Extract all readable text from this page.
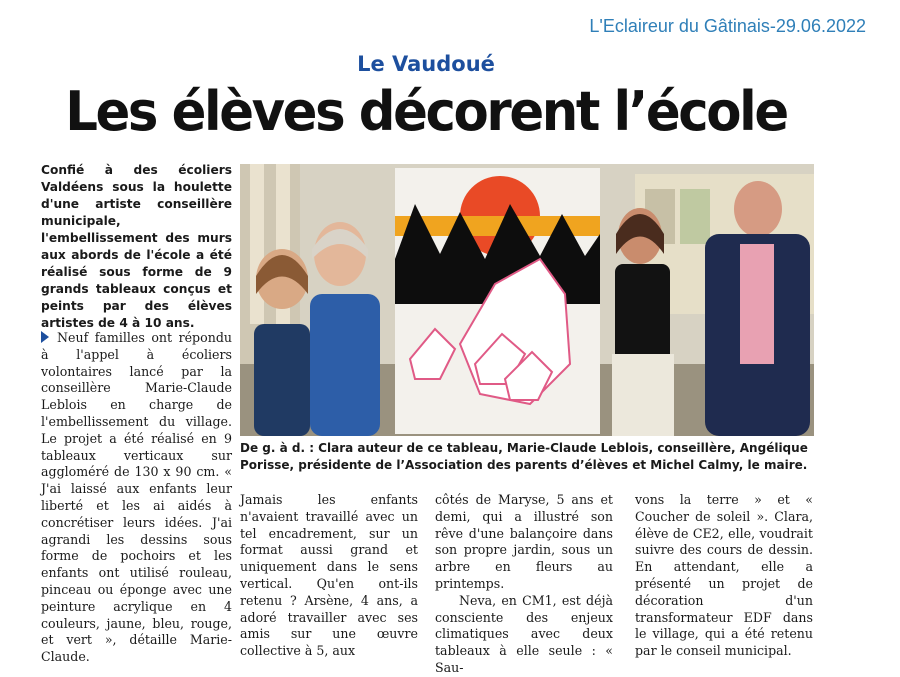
L'Eclaireur du Gâtinais-29.06.2022
Le Vaudoué
Les élèves décorent l’école

Confié à des écoliers Valdéens sous la houlette d'une artiste conseillère municipale, l'embellissement des murs aux abords de l'école a été réalisé sous forme de 9 grands tableaux conçus et peints par des élèves artistes de 4 à 10 ans.

Neuf familles ont répondu à l'appel à écoliers volontaires lancé par la conseillère Marie-Claude Leblois en charge de l'embellissement du village. Le projet a été réalisé en 9 tableaux verticaux sur aggloméré de 130 x 90 cm. « J'ai laissé aux enfants leur liberté et les ai aidés à concrétiser leurs idées. J'ai agrandi les dessins sous forme de pochoirs et les enfants ont utilisé rouleau, pinceau ou éponge avec une peinture acrylique en 4 couleurs, jaune, bleu, rouge, et vert », détaille Marie-Claude.

De g. à d. : Clara auteur de ce tableau, Marie-Claude Leblois, conseillère, Angélique Porisse, présidente de l’Association des parents d’élèves et Michel Calmy, le maire.

Jamais les enfants n'avaient travaillé avec un tel encadrement, sur un format aussi grand et uniquement dans le sens vertical. Qu'en ont-ils retenu ? Arsène, 4 ans, a adoré travailler avec ses amis sur une œuvre collective à 5, aux

côtés de Maryse, 5 ans et demi, qui a illustré son rêve d'une balançoire dans son propre jardin, sous un arbre en fleurs au printemps.

Neva, en CM1, est déjà consciente des enjeux climatiques avec deux tableaux à elle seule : « Sau-

vons la terre » et « Coucher de soleil ». Clara, élève de CE2, elle, voudrait suivre des cours de dessin. En attendant, elle a présenté un projet de décoration d'un transformateur EDF dans le village, qui a été retenu par le conseil municipal.
